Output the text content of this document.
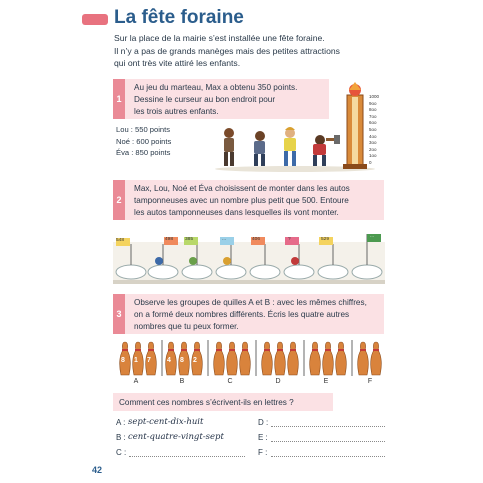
La fête foraine
Sur la place de la mairie s’est installée une fête foraine.
Il n’y a pas de grands manèges mais des petites attractions
qui ont très vite attiré les enfants.
1
Au jeu du marteau, Max a obtenu 350 points.
Dessine le curseur au bon endroit pour
les trois autres enfants.
Lou : 550 points
Noé : 600 points
Éva : 850 points
1000
9oo
8oo
7oo
6oo
5oo
4oo
3oo
2oo
1oo
0
2
Max, Lou, Noé et Éva choisissent de monter dans les autos
tamponneuses avec un nombre plus petit que 500. Entoure
les autos tamponneuses dans lesquelles ils vont monter.
548	498 385	...	406	?	529
...
3
Observe les groupes de quilles A et B : avec les mêmes chiffres,
on a formé deux nombres différents. Écris les quatre autres
nombres que tu peux former.
8 1 7 4 8 2
A	B	C	D	E	F
Comment ces nombres s’écrivent-ils en lettres ?
A : sept-cent-dix-huit
B : cent-quatre-vingt-sept
C :
D :
E :
F :
42
